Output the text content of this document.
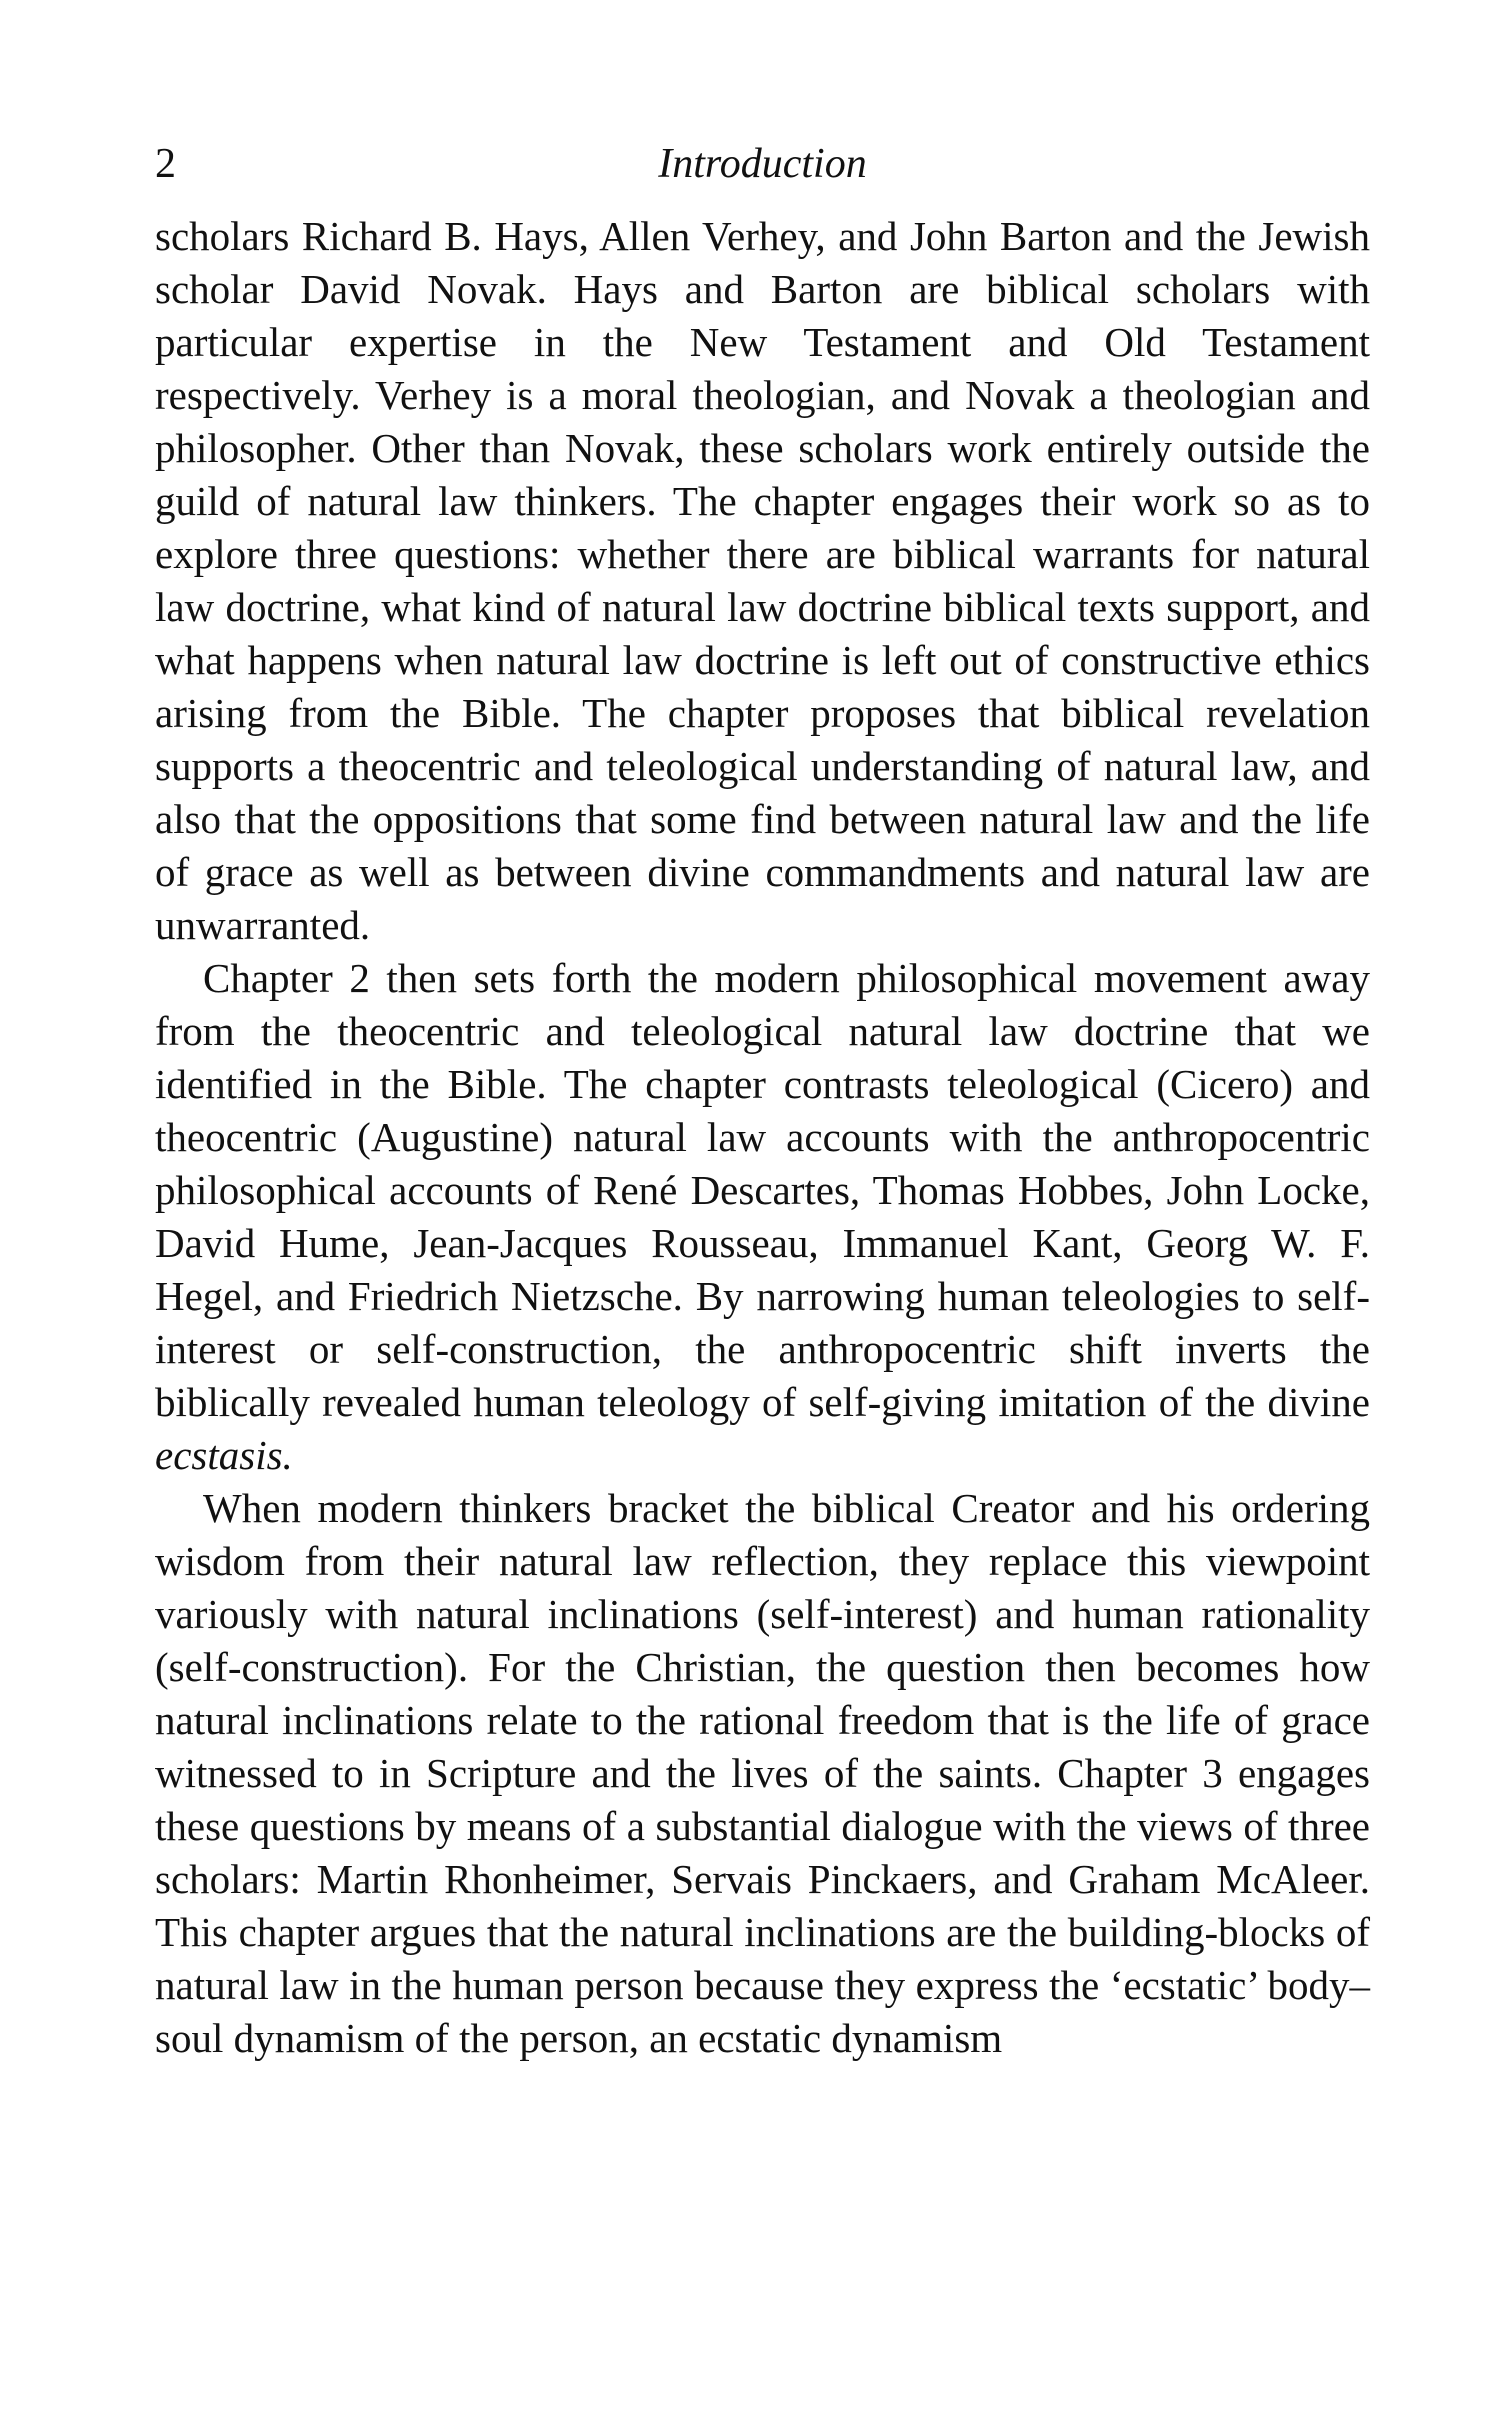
2	Introduction

scholars Richard B. Hays, Allen Verhey, and John Barton and the Jewish scholar David Novak. Hays and Barton are biblical scholars with particular expertise in the New Testament and Old Testament respectively. Verhey is a moral theologian, and Novak a theologian and philosopher. Other than Novak, these scholars work entirely outside the guild of natural law thinkers. The chapter engages their work so as to explore three questions: whether there are biblical warrants for natural law doctrine, what kind of natural law doctrine biblical texts support, and what happens when natural law doctrine is left out of constructive ethics arising from the Bible. The chapter proposes that biblical revelation supports a theocentric and teleological understanding of natural law, and also that the oppositions that some find between natural law and the life of grace as well as between divine commandments and natural law are unwarranted.

Chapter 2 then sets forth the modern philosophical movement away from the theocentric and teleological natural law doctrine that we identified in the Bible. The chapter contrasts teleological (Cicero) and theocentric (Augustine) natural law accounts with the anthropocentric philosophical accounts of René Descartes, Thomas Hobbes, John Locke, David Hume, Jean-Jacques Rousseau, Immanuel Kant, Georg W. F. Hegel, and Friedrich Nietzsche. By narrowing human teleologies to self-interest or self-construction, the anthropocentric shift inverts the biblically revealed human teleology of self-giving imitation of the divine ecstasis.

When modern thinkers bracket the biblical Creator and his ordering wisdom from their natural law reflection, they replace this viewpoint variously with natural inclinations (self-interest) and human rationality (self-construction). For the Christian, the question then becomes how natural inclinations relate to the rational freedom that is the life of grace witnessed to in Scripture and the lives of the saints. Chapter 3 engages these questions by means of a substantial dialogue with the views of three scholars: Martin Rhonheimer, Servais Pinckaers, and Graham McAleer. This chapter argues that the natural inclinations are the building-blocks of natural law in the human person because they express the ‘ecstatic’ body–soul dynamism of the person, an ecstatic dynamism
